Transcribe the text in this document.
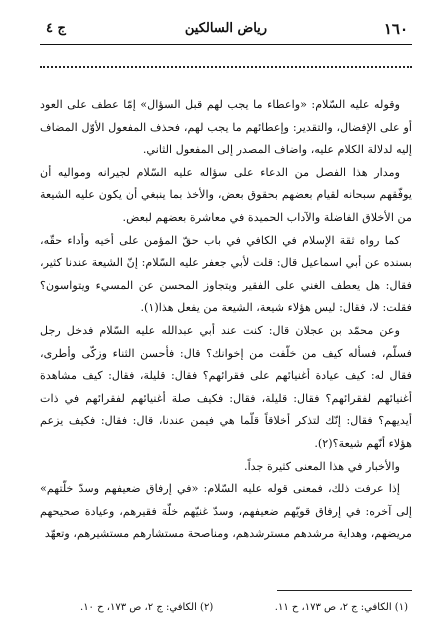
١٦٠
رياض السالكين
ج ٤

وقوله عليه السّلام: «واعطاء ما يجب لهم قبل السؤال» إمّا عطف على العود أو على الإفضال، والتقدير: وإعطائهم ما يجب لهم، فحذف المفعول الأوّل المضاف إليه لدلالة الكلام عليه، واضاف المصدر إلى المفعول الثاني.

ومدار هذا الفصل من الدعاء على سؤاله عليه السّلام لجيرانه ومواليه أن يوفّقهم سبحانه لقيام بعضهم بحقوق بعض، والأخذ بما ينبغي أن يكون عليه الشيعة من الأخلاق الفاضلة والآداب الحميدة في معاشرة بعضهم لبعض.

كما رواه ثقة الإسلام في الكافي في باب حقّ المؤمن على أخيه وأداء حقّه، بسنده عن أبي اسماعيل قال: قلت لأبي جعفر عليه السّلام: إنّ الشيعة عندنا كثير، فقال: هل يعطف الغني على الفقير ويتجاوز المحسن عن المسيء ويتواسون؟ فقلت: لا، فقال: ليس هؤلاء شيعة، الشيعة من يفعل هذا(١).

وعن محمّد بن عجلان قال: كنت عند أبي عبدالله عليه السّلام فدخل رجل فسلّم، فسأله كيف من خلّفت من إخوانك؟ قال: فأحسن الثناء وزكّى وأطرى، فقال له: كيف عيادة أغنيائهم على فقرائهم؟ فقال: قليلة، فقال: كيف مشاهدة أغنيائهم لفقرائهم؟ فقال: قليلة، فقال: فكيف صلة أغنيائهم لفقرائهم في ذات أيديهم؟ فقال: إنّك لتذكر أخلاقاً قلّما هي فيمن عندنا، قال: فقال: فكيف يزعم هؤلاء أنّهم شيعة؟(٢).

والأخبار في هذا المعنى كثيرة جداً.

إذا عرفت ذلك، فمعنى قوله عليه السّلام: «في إرفاق ضعيفهم وسدّ خلّتهم» إلى آخره: في إرفاق قويّهم ضعيفهم، وسدّ غنيّهم خلّة فقيرهم، وعيادة صحيحهم مريضهم، وهداية مرشدهم مسترشدهم، ومناصحة مستشارهم مستشيرهم، وتعهّد

(١) الكافي: ج ٢، ص ١٧٣، ح ١١.
(٢) الكافي: ج ٢، ص ١٧٣، ح ١٠.
